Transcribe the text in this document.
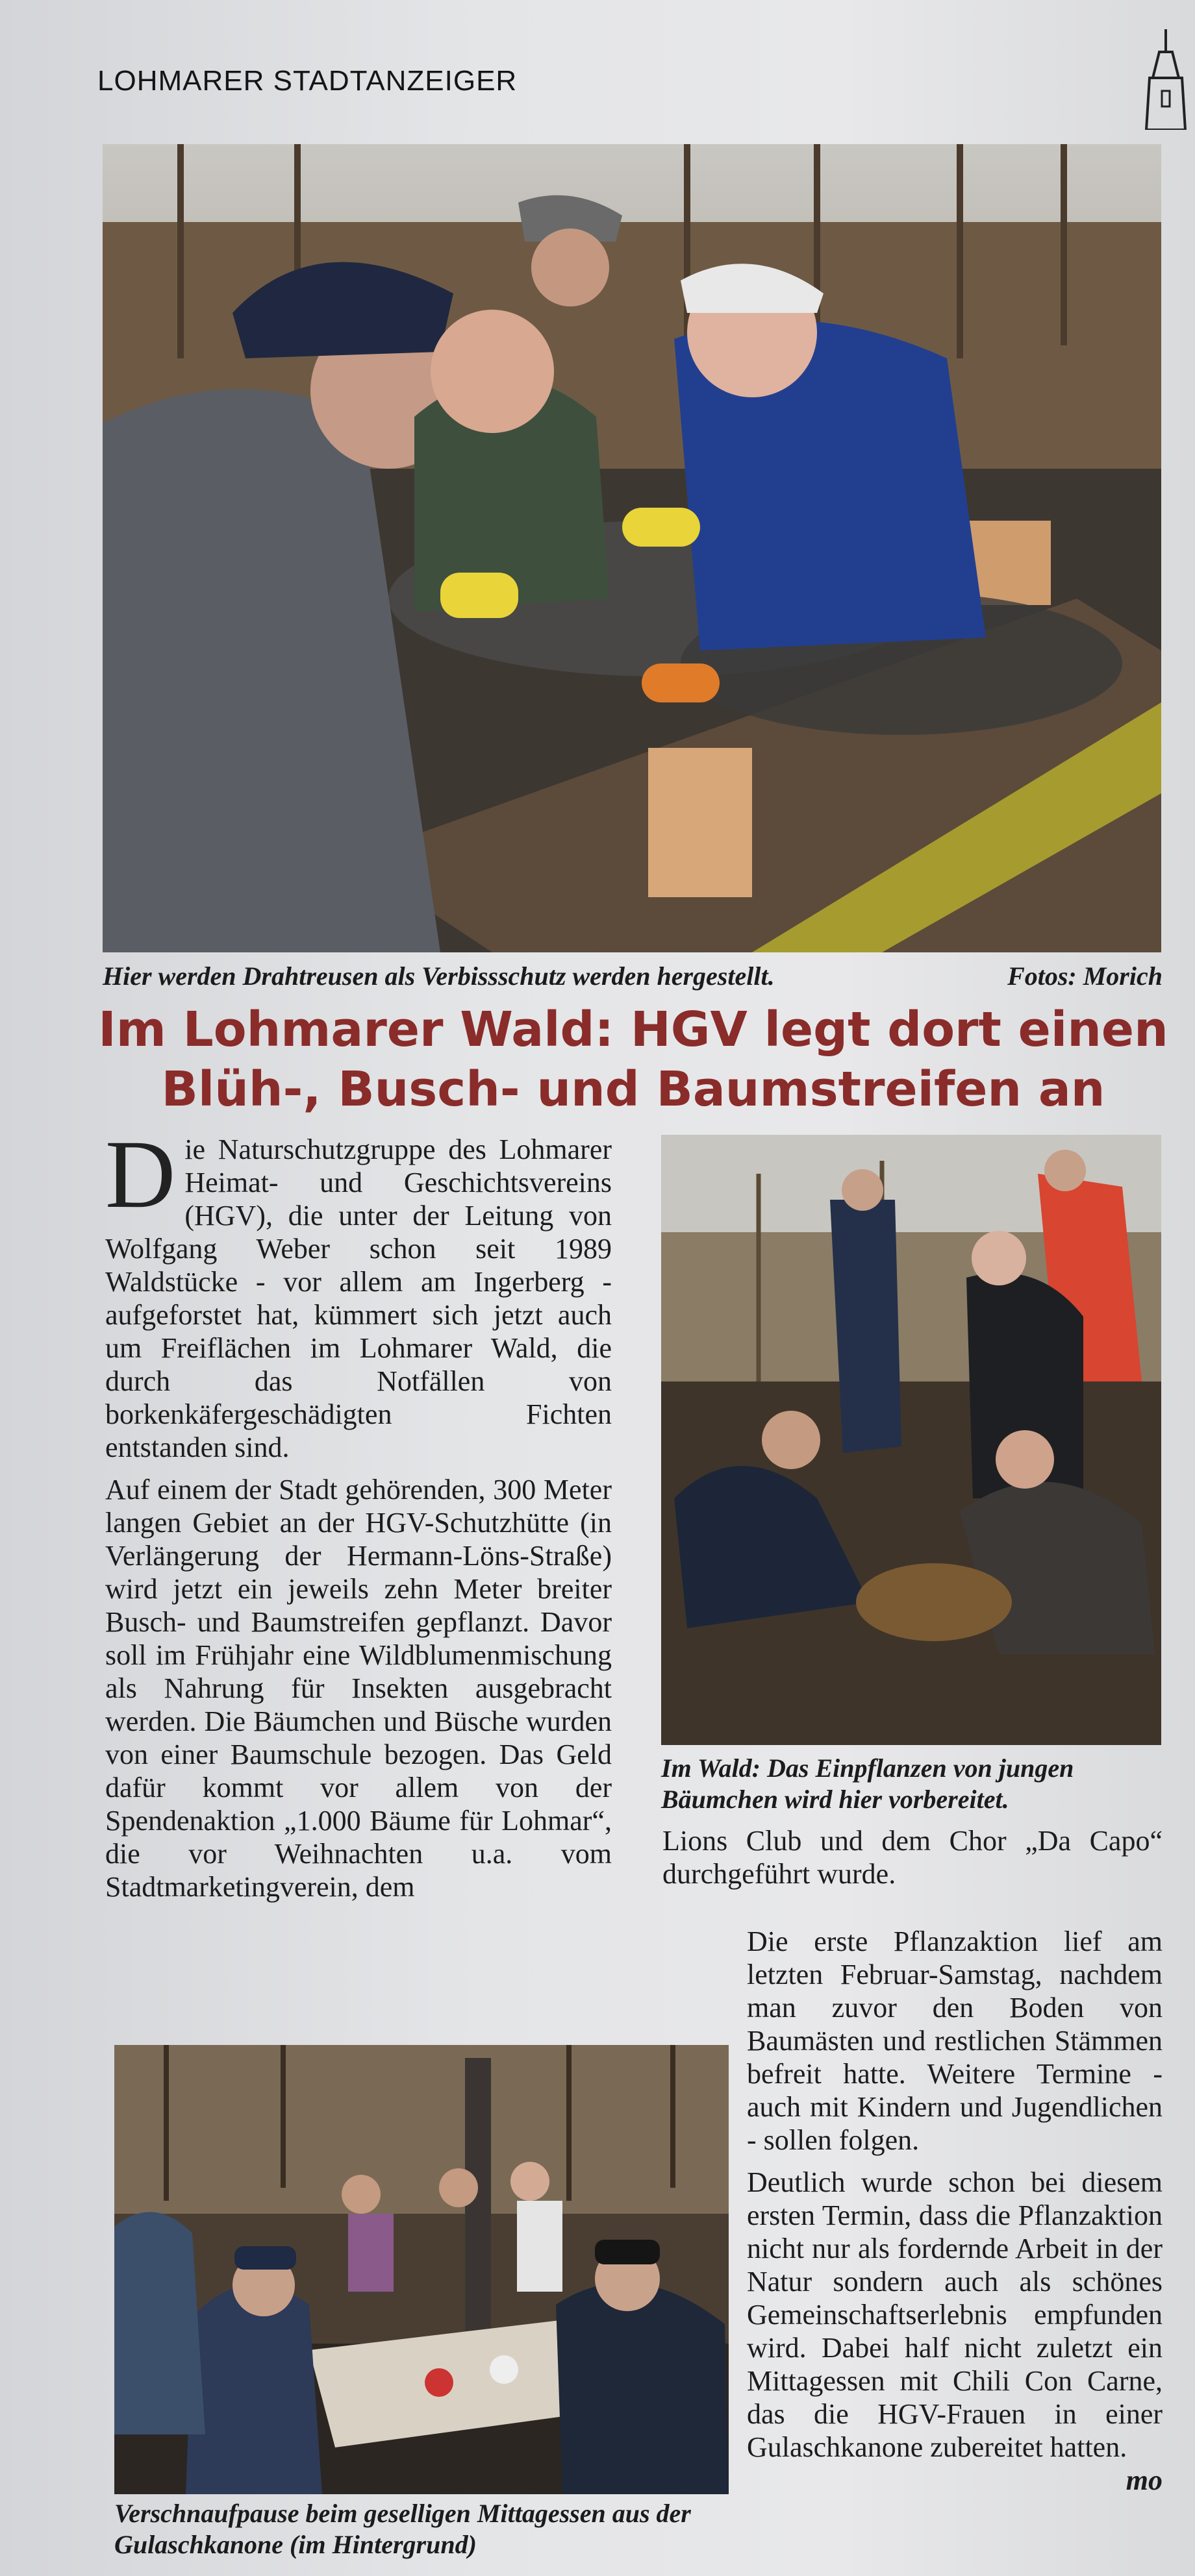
LOHMARER STADTANZEIGER
Hier werden Drahtreusen als Verbissschutz werden hergestellt.	Fotos: Morich
Im Lohmarer Wald: HGV legt dort einen
Blüh-, Busch- und Baumstreifen an

Die Naturschutzgruppe des Lohmarer Heimat- und Geschichtsvereins (HGV), die unter der Leitung von Wolfgang Weber schon seit 1989 Waldstücke - vor allem am Ingerberg - aufgeforstet hat, kümmert sich jetzt auch um Freiflächen im Lohmarer Wald, die durch das Notfällen von borkenkäfergeschädigten Fichten entstanden sind.

Auf einem der Stadt gehörenden, 300 Meter langen Gebiet an der HGV-Schutzhütte (in Verlängerung der Hermann-Löns-Straße) wird jetzt ein jeweils zehn Meter breiter Busch- und Baumstreifen gepflanzt. Davor soll im Frühjahr eine Wildblumenmischung als Nahrung für Insekten ausgebracht werden. Die Bäumchen und Büsche wurden von einer Baumschule bezogen. Das Geld dafür kommt vor allem von der Spendenaktion „1.000 Bäume für Lohmar“, die vor Weihnachten u.a. vom Stadtmarketingverein, dem

Im Wald: Das Einpflanzen von jungen Bäumchen wird hier vorbereitet.

Lions Club und dem Chor „Da Capo“ durchgeführt wurde.

Die erste Pflanzaktion lief am letzten Februar-Samstag, nachdem man zuvor den Boden von Baumästen und restlichen Stämmen befreit hatte. Weitere Termine - auch mit Kindern und Jugendlichen - sollen folgen.

Deutlich wurde schon bei diesem ersten Termin, dass die Pflanzaktion nicht nur als fordernde Arbeit in der Natur sondern auch als schönes Gemeinschaftserlebnis empfunden wird. Dabei half nicht zuletzt ein Mittagessen mit Chili Con Carne, das die HGV-Frauen in einer Gulaschkanone zubereitet hatten.
mo

Verschnaufpause beim geselligen Mittagessen aus der Gulaschkanone (im Hintergrund)
